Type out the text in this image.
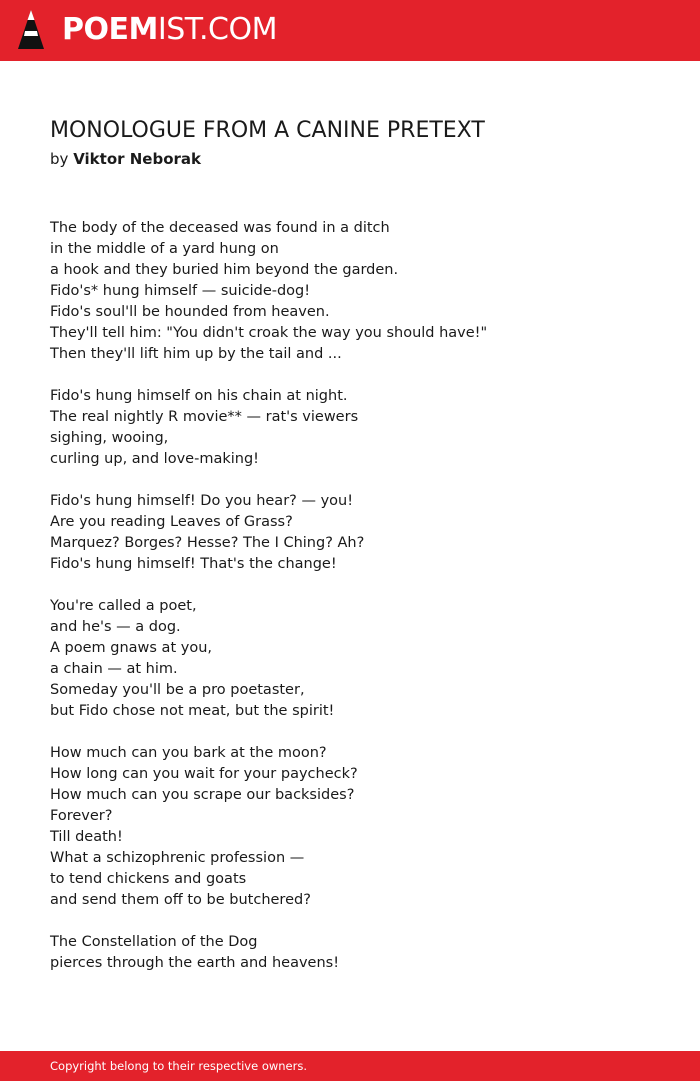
POEMIST.COM
MONOLOGUE FROM A CANINE PRETEXT
by Viktor Neborak
The body of the deceased was found in a ditch
in the middle of a yard hung on
a hook and they buried him beyond the garden.
Fido's* hung himself — suicide-dog!
Fido's soul'll be hounded from heaven.
They'll tell him: "You didn't croak the way you should have!"
Then they'll lift him up by the tail and ...
Fido's hung himself on his chain at night.
The real nightly R movie** — rat's viewers
sighing, wooing,
curling up, and love-making!
Fido's hung himself! Do you hear? — you!
Are you reading Leaves of Grass?
Marquez? Borges? Hesse? The I Ching? Ah?
Fido's hung himself! That's the change!
You're called a poet,
and he's — a dog.
A poem gnaws at you,
a chain — at him.
Someday you'll be a pro poetaster,
but Fido chose not meat, but the spirit!
How much can you bark at the moon?
How long can you wait for your paycheck?
How much can you scrape our backsides?
Forever?
Till death!
What a schizophrenic profession —
to tend chickens and goats
and send them off to be butchered?
The Constellation of the Dog
pierces through the earth and heavens!
Copyright belong to their respective owners.
